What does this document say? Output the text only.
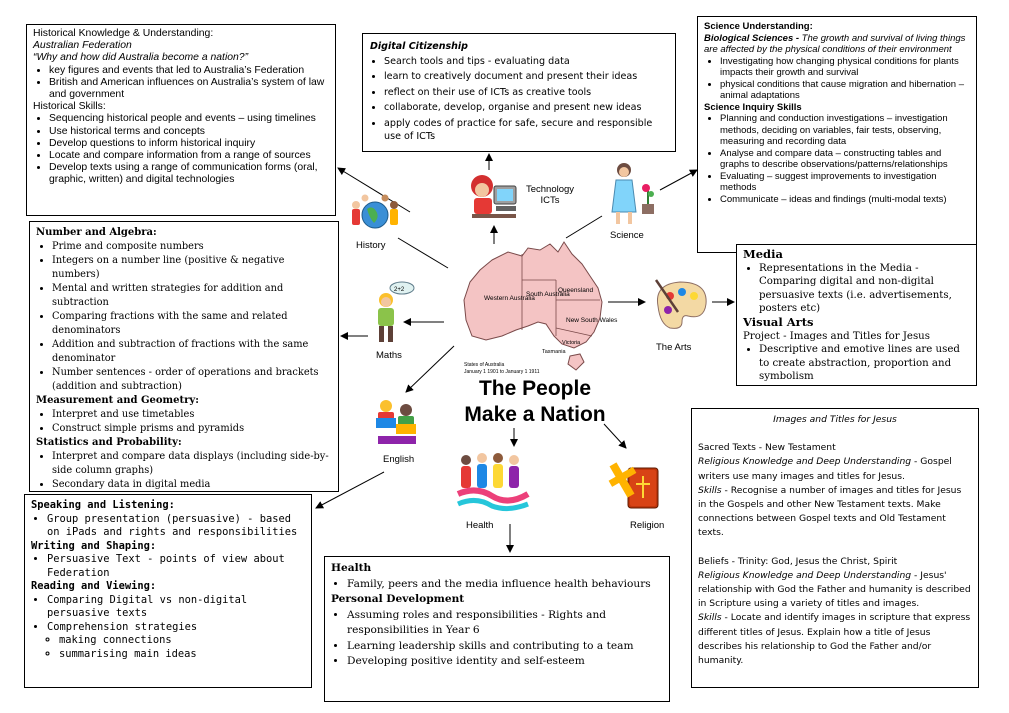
Historical Knowledge & Understanding:
Australian Federation
“Why and how did Australia become a nation?”
• key figures and events that led to Australia’s Federation
• British and American influences on Australia’s system of law and government
Historical Skills:
• Sequencing historical people and events – using timelines
• Use historical terms and concepts
• Develop questions to inform historical inquiry
• Locate and compare information from a range of sources
• Develop texts using a range of communication forms (oral, graphic, written) and digital technologies
Digital Citizenship
• Search tools and tips - evaluating data
• learn to creatively document and present their ideas
• reflect on their use of ICTs as creative tools
• collaborate, develop, organise and present new ideas
• apply codes of practice for safe, secure and responsible use of ICTs
Science Understanding:
Biological Sciences - The growth and survival of living things are affected by the physical conditions of their environment
• Investigating how changing physical conditions for plants impacts their growth and survival
• physical conditions that cause migration and hibernation – animal adaptations
Science Inquiry Skills
• Planning and conduction investigations – investigation methods, deciding on variables, fair tests, observing, measuring and recording data
• Analyse and compare data – constructing tables and graphs to describe observations/patterns/relationships
• Evaluating – suggest improvements to investigation methods
• Communicate – ideas and findings (multi-modal texts)
Number and Algebra:
• Prime and composite numbers
• Integers on a number line (positive & negative numbers)
• Mental and written strategies for addition and subtraction
• Comparing fractions with the same and related denominators
• Addition and subtraction of fractions with the same denominator
• Number sentences - order of operations and brackets (addition and subtraction)
Measurement and Geometry:
• Interpret and use timetables
• Construct simple prisms and pyramids
Statistics and Probability:
• Interpret and compare data displays (including side-by-side column graphs)
• Secondary data in digital media
Media
• Representations in the Media - Comparing digital and non-digital persuasive texts (i.e. advertisements, posters etc)
Visual Arts
Project - Images and Titles for Jesus
• Descriptive and emotive lines are used to create abstraction, proportion and symbolism
Speaking and Listening:
• Group presentation (persuasive) - based on iPads and rights and responsibilities
Writing and Shaping:
• Persuasive Text - points of view about Federation
Reading and Viewing:
• Comparing Digital vs non-digital persuasive texts
• Comprehension strategies
◦ making connections
◦ summarising main ideas
Health
• Family, peers and the media influence health behaviours
Personal Development
• Assuming roles and responsibilities - Rights and responsibilities in Year 6
• Learning leadership skills and contributing to a team
• Developing positive identity and self-esteem
Images and Titles for Jesus

Sacred Texts - New Testament

Religious Knowledge and Deep Understanding - Gospel writers use many images and titles for Jesus.

Skills - Recognise a number of images and titles for Jesus in the Gospels and other New Testament texts. Make connections between Gospel texts and Old Testament texts.

Beliefs - Trinity: God, Jesus the Christ, Spirit

Religious Knowledge and Deep Understanding - Jesus' relationship with God the Father and humanity is described in Scripture using a variety of titles and images.

Skills - Locate and identify images in scripture that express different titles of Jesus. Explain how a title of Jesus describes his relationship to God the Father and/or humanity.

Western Australia
South Australia
Queensland
New South Wales
Victoria
Tasmania
States of Australia
January 1 1901 to January 1 1911
The People
Make a Nation
History
Technology
ICTs
Science
2+2
Maths
The Arts
English
Health	Religion
